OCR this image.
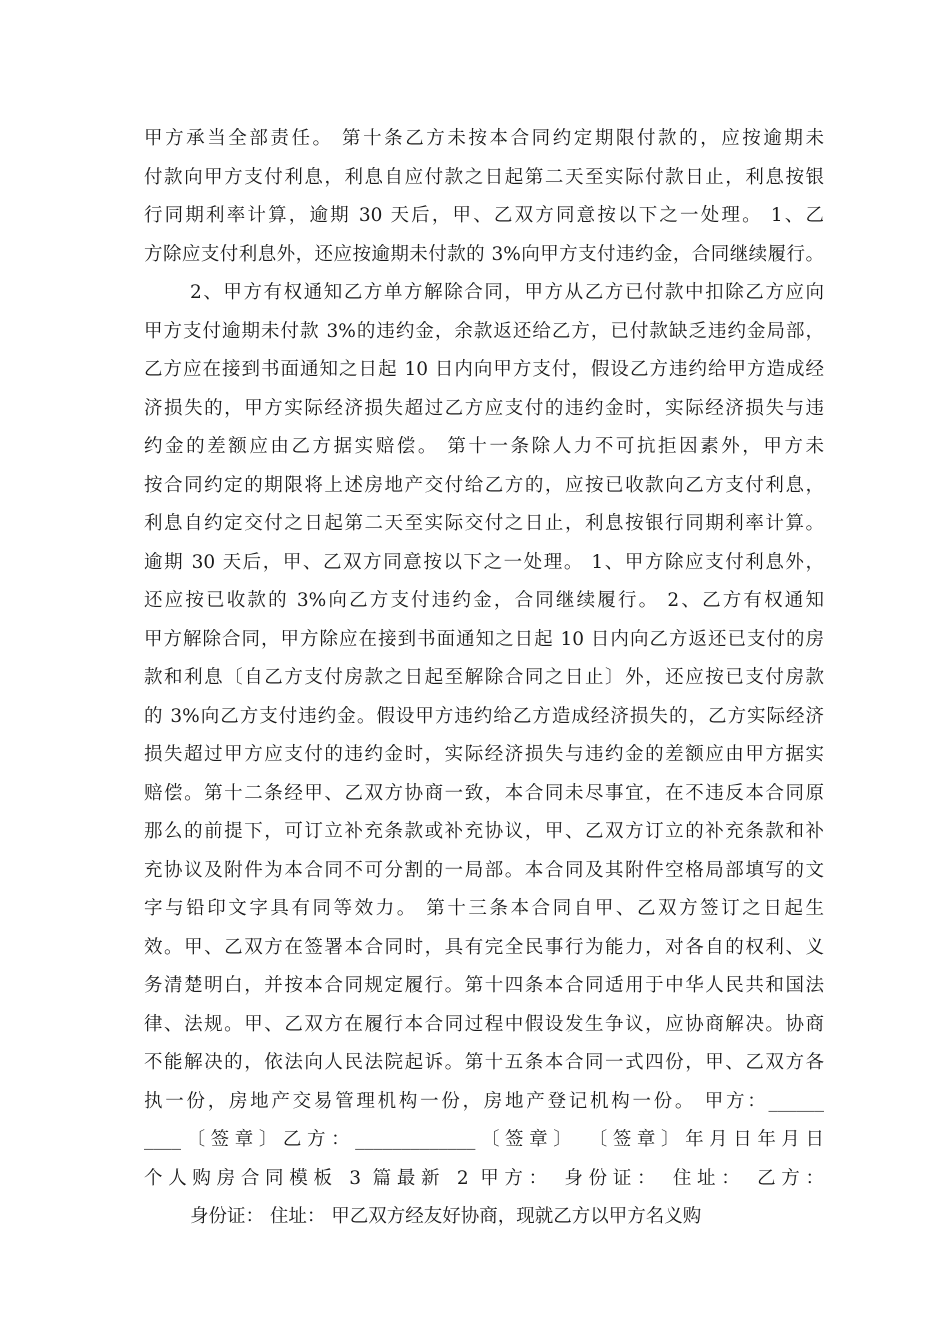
甲方承当全部责任。 第十条乙方未按本合同约定期限付款的，应按逾期未
付款向甲方支付利息，利息自应付款之日起第二天至实际付款日止，利息按银
行同期利率计算，逾期 30 天后，甲、乙双方同意按以下之一处理。 1、乙
方除应支付利息外，还应按逾期未付款的 3%向甲方支付违约金，合同继续履行。
2、甲方有权通知乙方单方解除合同，甲方从乙方已付款中扣除乙方应向
甲方支付逾期未付款 3%的违约金，余款返还给乙方，已付款缺乏违约金局部，
乙方应在接到书面通知之日起 10 日内向甲方支付，假设乙方违约给甲方造成经
济损失的，甲方实际经济损失超过乙方应支付的违约金时，实际经济损失与违
约金的差额应由乙方据实赔偿。 第十一条除人力不可抗拒因素外，甲方未
按合同约定的期限将上述房地产交付给乙方的，应按已收款向乙方支付利息，
利息自约定交付之日起第二天至实际交付之日止，利息按银行同期利率计算。
逾期 30 天后，甲、乙双方同意按以下之一处理。 1、甲方除应支付利息外，
还应按已收款的 3%向乙方支付违约金，合同继续履行。 2、乙方有权通知
甲方解除合同，甲方除应在接到书面通知之日起 10 日内向乙方返还已支付的房
款和利息〔自乙方支付房款之日起至解除合同之日止〕外，还应按已支付房款
的 3%向乙方支付违约金。假设甲方违约给乙方造成经济损失的，乙方实际经济
损失超过甲方应支付的违约金时，实际经济损失与违约金的差额应由甲方据实
赔偿。第十二条经甲、乙双方协商一致，本合同未尽事宜，在不违反本合同原
那么的前提下，可订立补充条款或补充协议，甲、乙双方订立的补充条款和补
充协议及附件为本合同不可分割的一局部。本合同及其附件空格局部填写的文
字与铅印文字具有同等效力。 第十三条本合同自甲、乙双方签订之日起生
效。甲、乙双方在签署本合同时，具有完全民事行为能力，对各自的权利、义
务清楚明白，并按本合同规定履行。第十四条本合同适用于中华人民共和国法
律、法规。甲、乙双方在履行本合同过程中假设发生争议，应协商解决。协商
不能解决的，依法向人民法院起诉。第十五条本合同一式四份，甲、乙双方各
执一份，房地产交易管理机构一份，房地产登记机构一份。 甲方：______
____〔签章〕乙方：_____________〔签章〕 〔签章〕年月日年月日
个人购房合同模板 3 篇最新 2 甲方： 身份证： 住址： 乙方：
身份证： 住址： 甲乙双方经友好协商，现就乙方以甲方名义购
